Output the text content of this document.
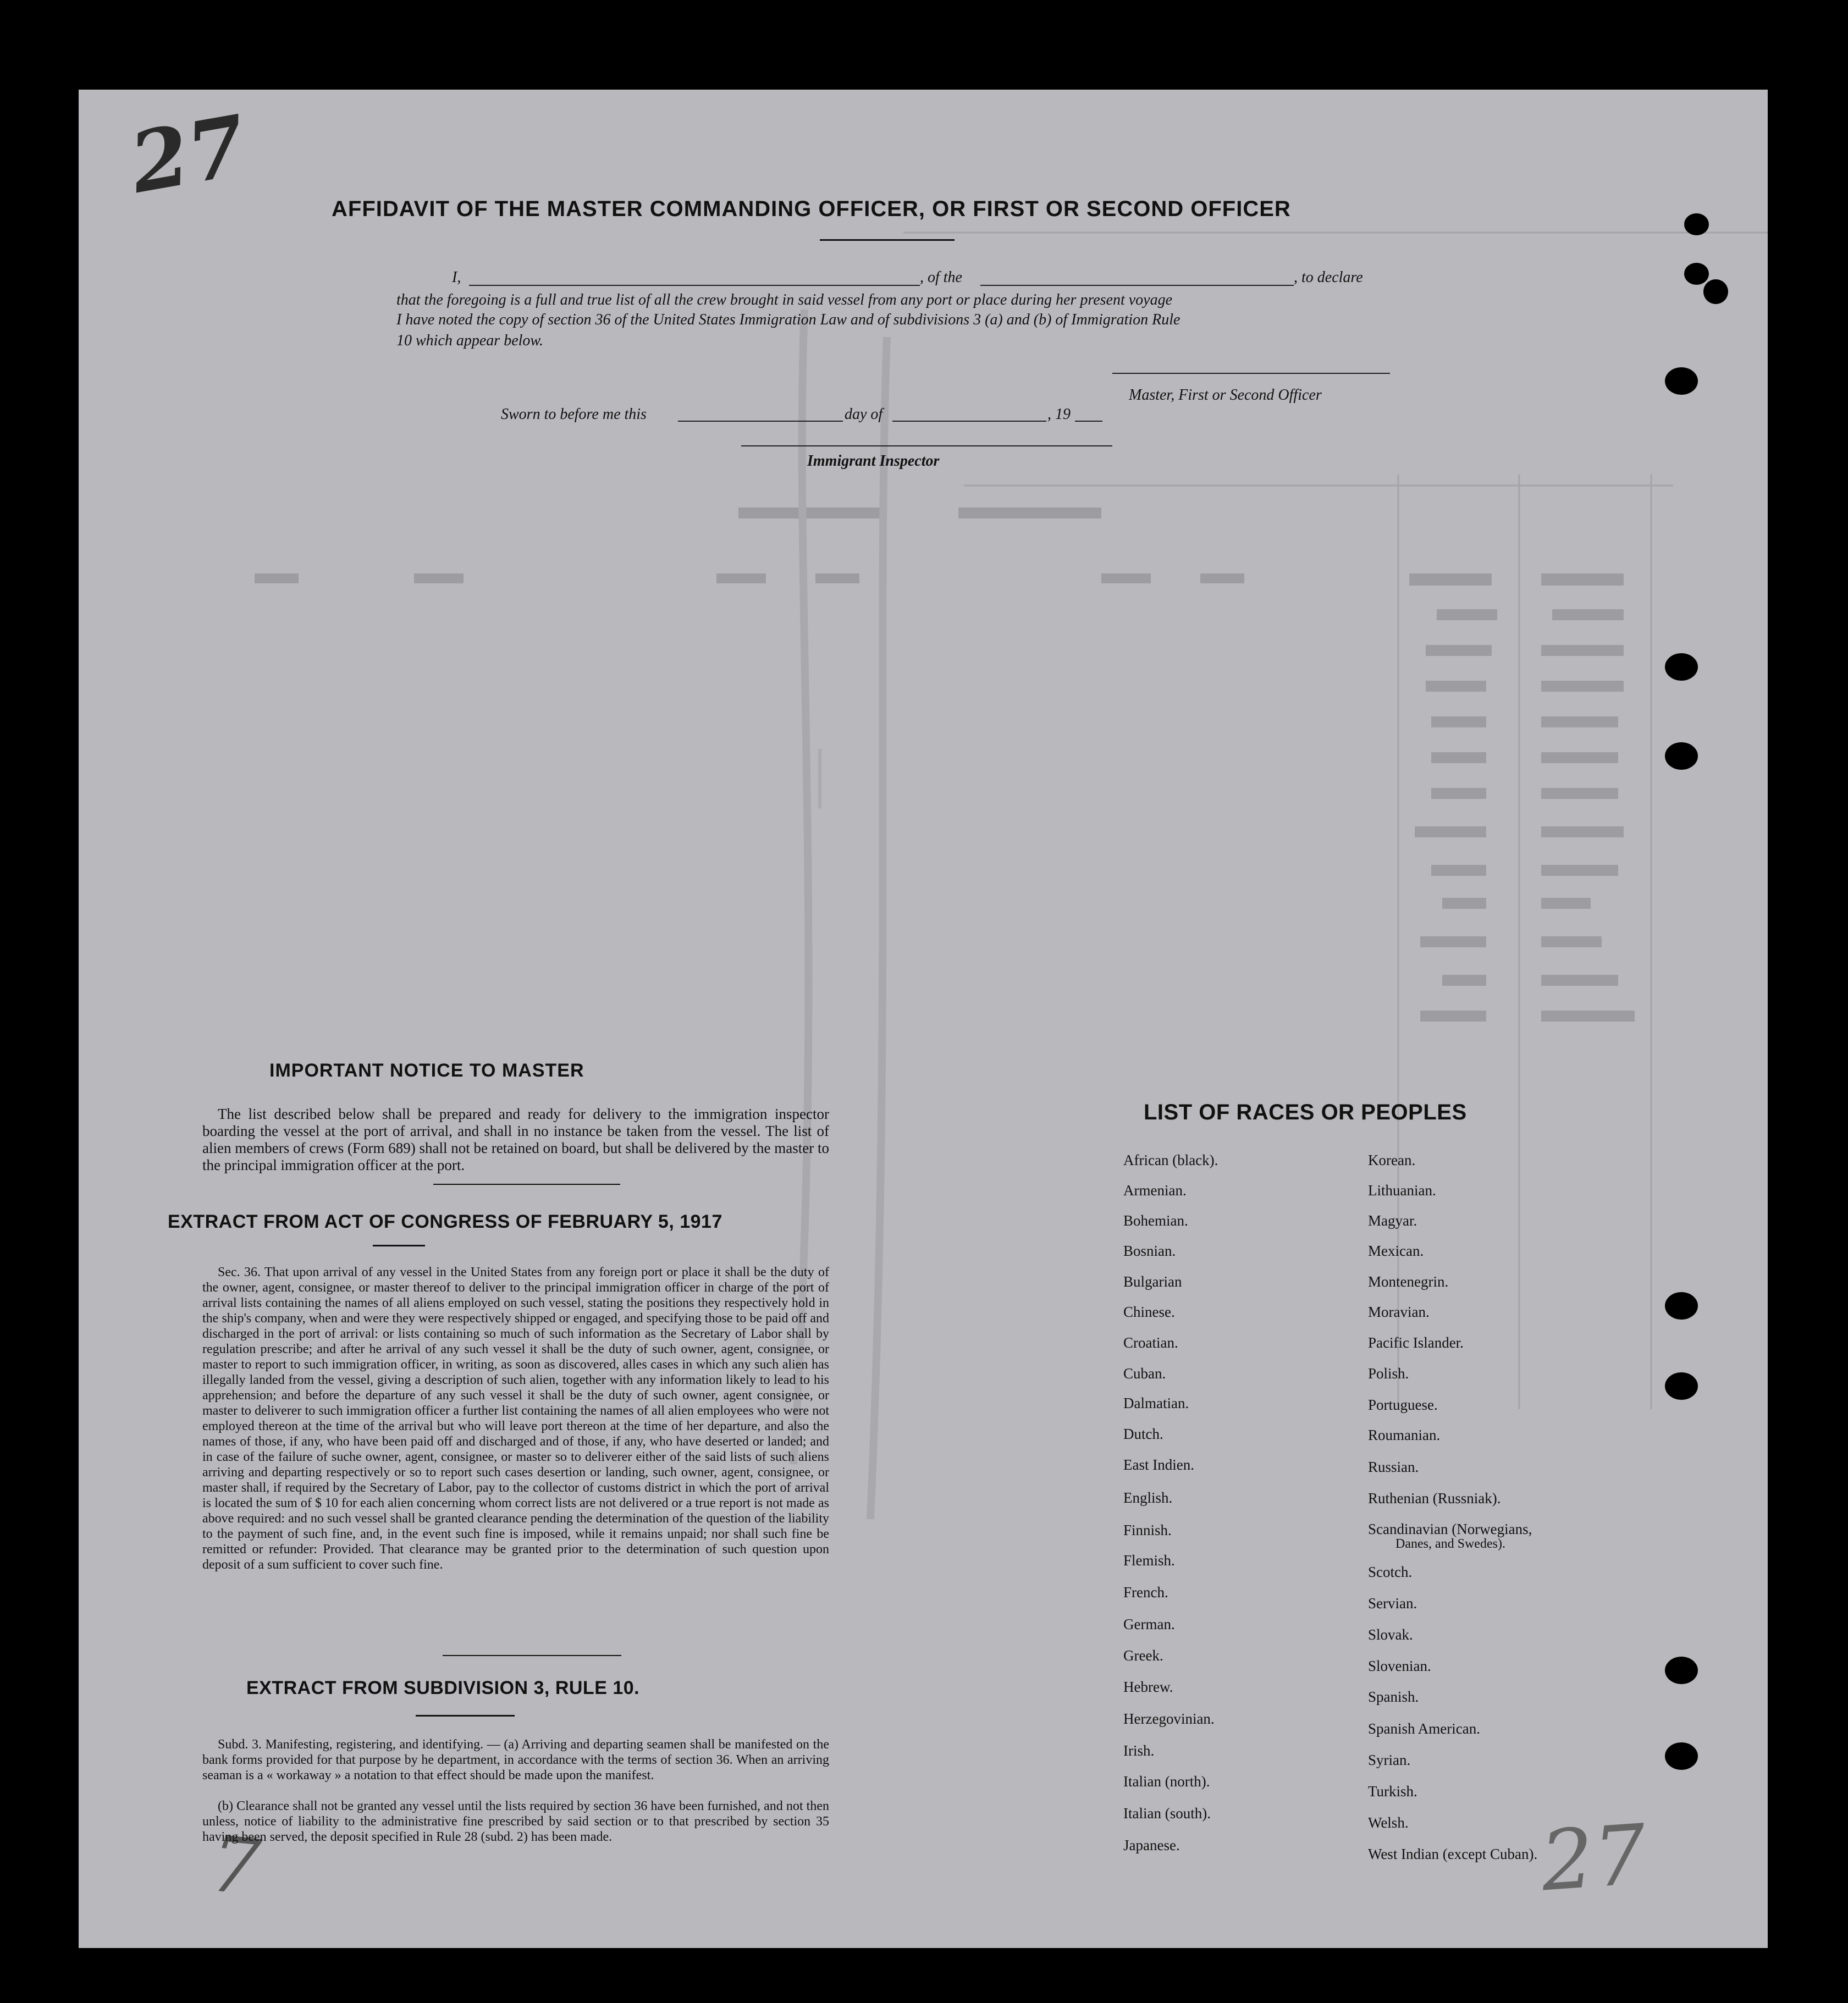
—
27
7	27
AFFIDAVIT OF THE MASTER COMMANDING OFFICER, OR FIRST OR SECOND OFFICER
I,	, of the	, to declare
that the foregoing is a full and true list of all the crew brought in said vessel from any port or place during her present voyage
I have noted the copy of section 36 of the United States Immigration Law and of subdivisions 3 (a) and (b) of Immigration Rule
10 which appear below.
Master, First or Second Officer
Sworn to before me this	day of	, 19
Immigrant Inspector
IMPORTANT NOTICE TO MASTER
The list described below shall be prepared and ready for delivery to the immigration inspector boarding the vessel at the port of arrival, and shall in no instance be taken from the vessel. The list of alien members of crews (Form 689) shall not be retained on board, but shall be delivered by the master to the principal immigration officer at the port.
EXTRACT FROM ACT OF CONGRESS OF FEBRUARY 5, 1917
Sec. 36. That upon arrival of any vessel in the United States from any foreign port or place it shall be the duty of the owner, agent, consignee, or master thereof to deliver to the principal immigration officer in charge of the port of arrival lists containing the names of all aliens employed on such vessel, stating the positions they respectively hold in the ship's company, when and were they were respectively shipped or engaged, and specifying those to be paid off and discharged in the port of arrival: or lists containing so much of such information as the Secretary of Labor shall by regulation prescribe; and after he arrival of any such vessel it shall be the duty of such owner, agent, consignee, or master to report to such immigration officer, in writing, as soon as discovered, alles cases in which any such alien has illegally landed from the vessel, giving a description of such alien, together with any information likely to lead to his apprehension; and before the departure of any such vessel it shall be the duty of such owner, agent consignee, or master to deliverer to such immigration officer a further list containing the names of all alien employees who were not employed thereon at the time of the arrival but who will leave port thereon at the time of her departure, and also the names of those, if any, who have been paid off and discharged and of those, if any, who have deserted or landed; and in case of the failure of suche owner, agent, consignee, or master so to deliverer either of the said lists of such aliens arriving and departing respectively or so to report such cases desertion or landing, such owner, agent, consignee, or master shall, if required by the Secretary of Labor, pay to the collector of customs district in which the port of arrival is located the sum of $ 10 for each alien concerning whom correct lists are not delivered or a true report is not made as above required: and no such vessel shall be granted clearance pending the determination of the question of the liability to the payment of such fine, and, in the event such fine is imposed, while it remains unpaid; nor shall such fine be remitted or refunder: Provided. That clearance may be granted prior to the determination of such question upon deposit of a sum sufficient to cover such fine.
EXTRACT FROM SUBDIVISION 3, RULE 10.
Subd. 3. Manifesting, registering, and identifying. — (a) Arriving and departing seamen shall be manifested on the bank forms provided for that purpose by he department, in accordance with the terms of section 36. When an arriving seaman is a « workaway » a notation to that effect should be made upon the manifest.
(b) Clearance shall not be granted any vessel until the lists required by section 36 have been furnished, and not then unless, notice of liability to the administrative fine prescribed by said section or to that prescribed by section 35 having been served, the deposit specified in Rule 28 (subd. 2) has been made.
LIST OF RACES OR PEOPLES
African (black).
Armenian.
Bohemian.
Bosnian.
Bulgarian
Chinese.
Croatian.
Cuban.
Dalmatian.
Dutch.
East Indien.
English.
Finnish.
Flemish.
French.
German.
Greek.
Hebrew.
Herzegovinian.
Irish.
Italian (north).
Italian (south).
Japanese.
Korean.
Lithuanian.
Magyar.
Mexican.
Montenegrin.
Moravian.
Pacific Islander.
Polish.
Portuguese.
Roumanian.
Russian.
Ruthenian (Russniak).
Scandinavian (Norwegians,
Danes, and Swedes).
Scotch.
Servian.
Slovak.
Slovenian.
Spanish.
Spanish American.
Syrian.
Turkish.
Welsh.
West Indian (except Cuban).
